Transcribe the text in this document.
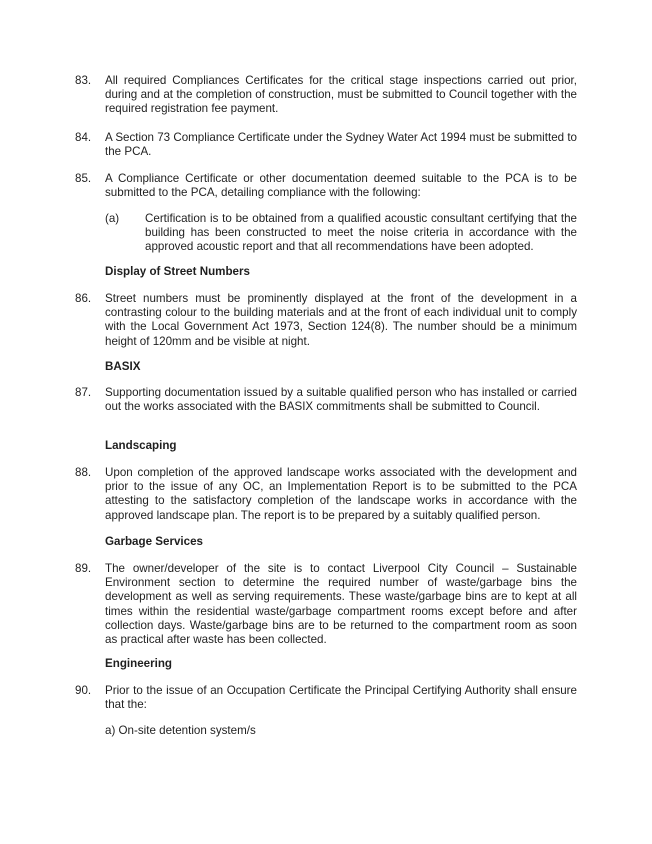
83.	All required Compliances Certificates for the critical stage inspections carried out prior, during and at the completion of construction, must be submitted to Council together with the required registration fee payment.
84.	A Section 73 Compliance Certificate under the Sydney Water Act 1994 must be submitted to the PCA.
85.	A Compliance Certificate or other documentation deemed suitable to the PCA is to be submitted to the PCA, detailing compliance with the following:
(a) Certification is to be obtained from a qualified acoustic consultant certifying that the building has been constructed to meet the noise criteria in accordance with the approved acoustic report and that all recommendations have been adopted.
Display of Street Numbers
86.	Street numbers must be prominently displayed at the front of the development in a contrasting colour to the building materials and at the front of each individual unit to comply with the Local Government Act 1973, Section 124(8). The number should be a minimum height of 120mm and be visible at night.
BASIX
87.	Supporting documentation issued by a suitable qualified person who has installed or carried out the works associated with the BASIX commitments shall be submitted to Council.
Landscaping
88.	Upon completion of the approved landscape works associated with the development and prior to the issue of any OC, an Implementation Report is to be submitted to the PCA attesting to the satisfactory completion of the landscape works in accordance with the approved landscape plan. The report is to be prepared by a suitably qualified person.
Garbage Services
89.	The owner/developer of the site is to contact Liverpool City Council – Sustainable Environment section to determine the required number of waste/garbage bins the development as well as serving requirements. These waste/garbage bins are to kept at all times within the residential waste/garbage compartment rooms except before and after collection days. Waste/garbage bins are to be returned to the compartment room as soon as practical after waste has been collected.
Engineering
90.	Prior to the issue of an Occupation Certificate the Principal Certifying Authority shall ensure that the:
a) On-site detention system/s
